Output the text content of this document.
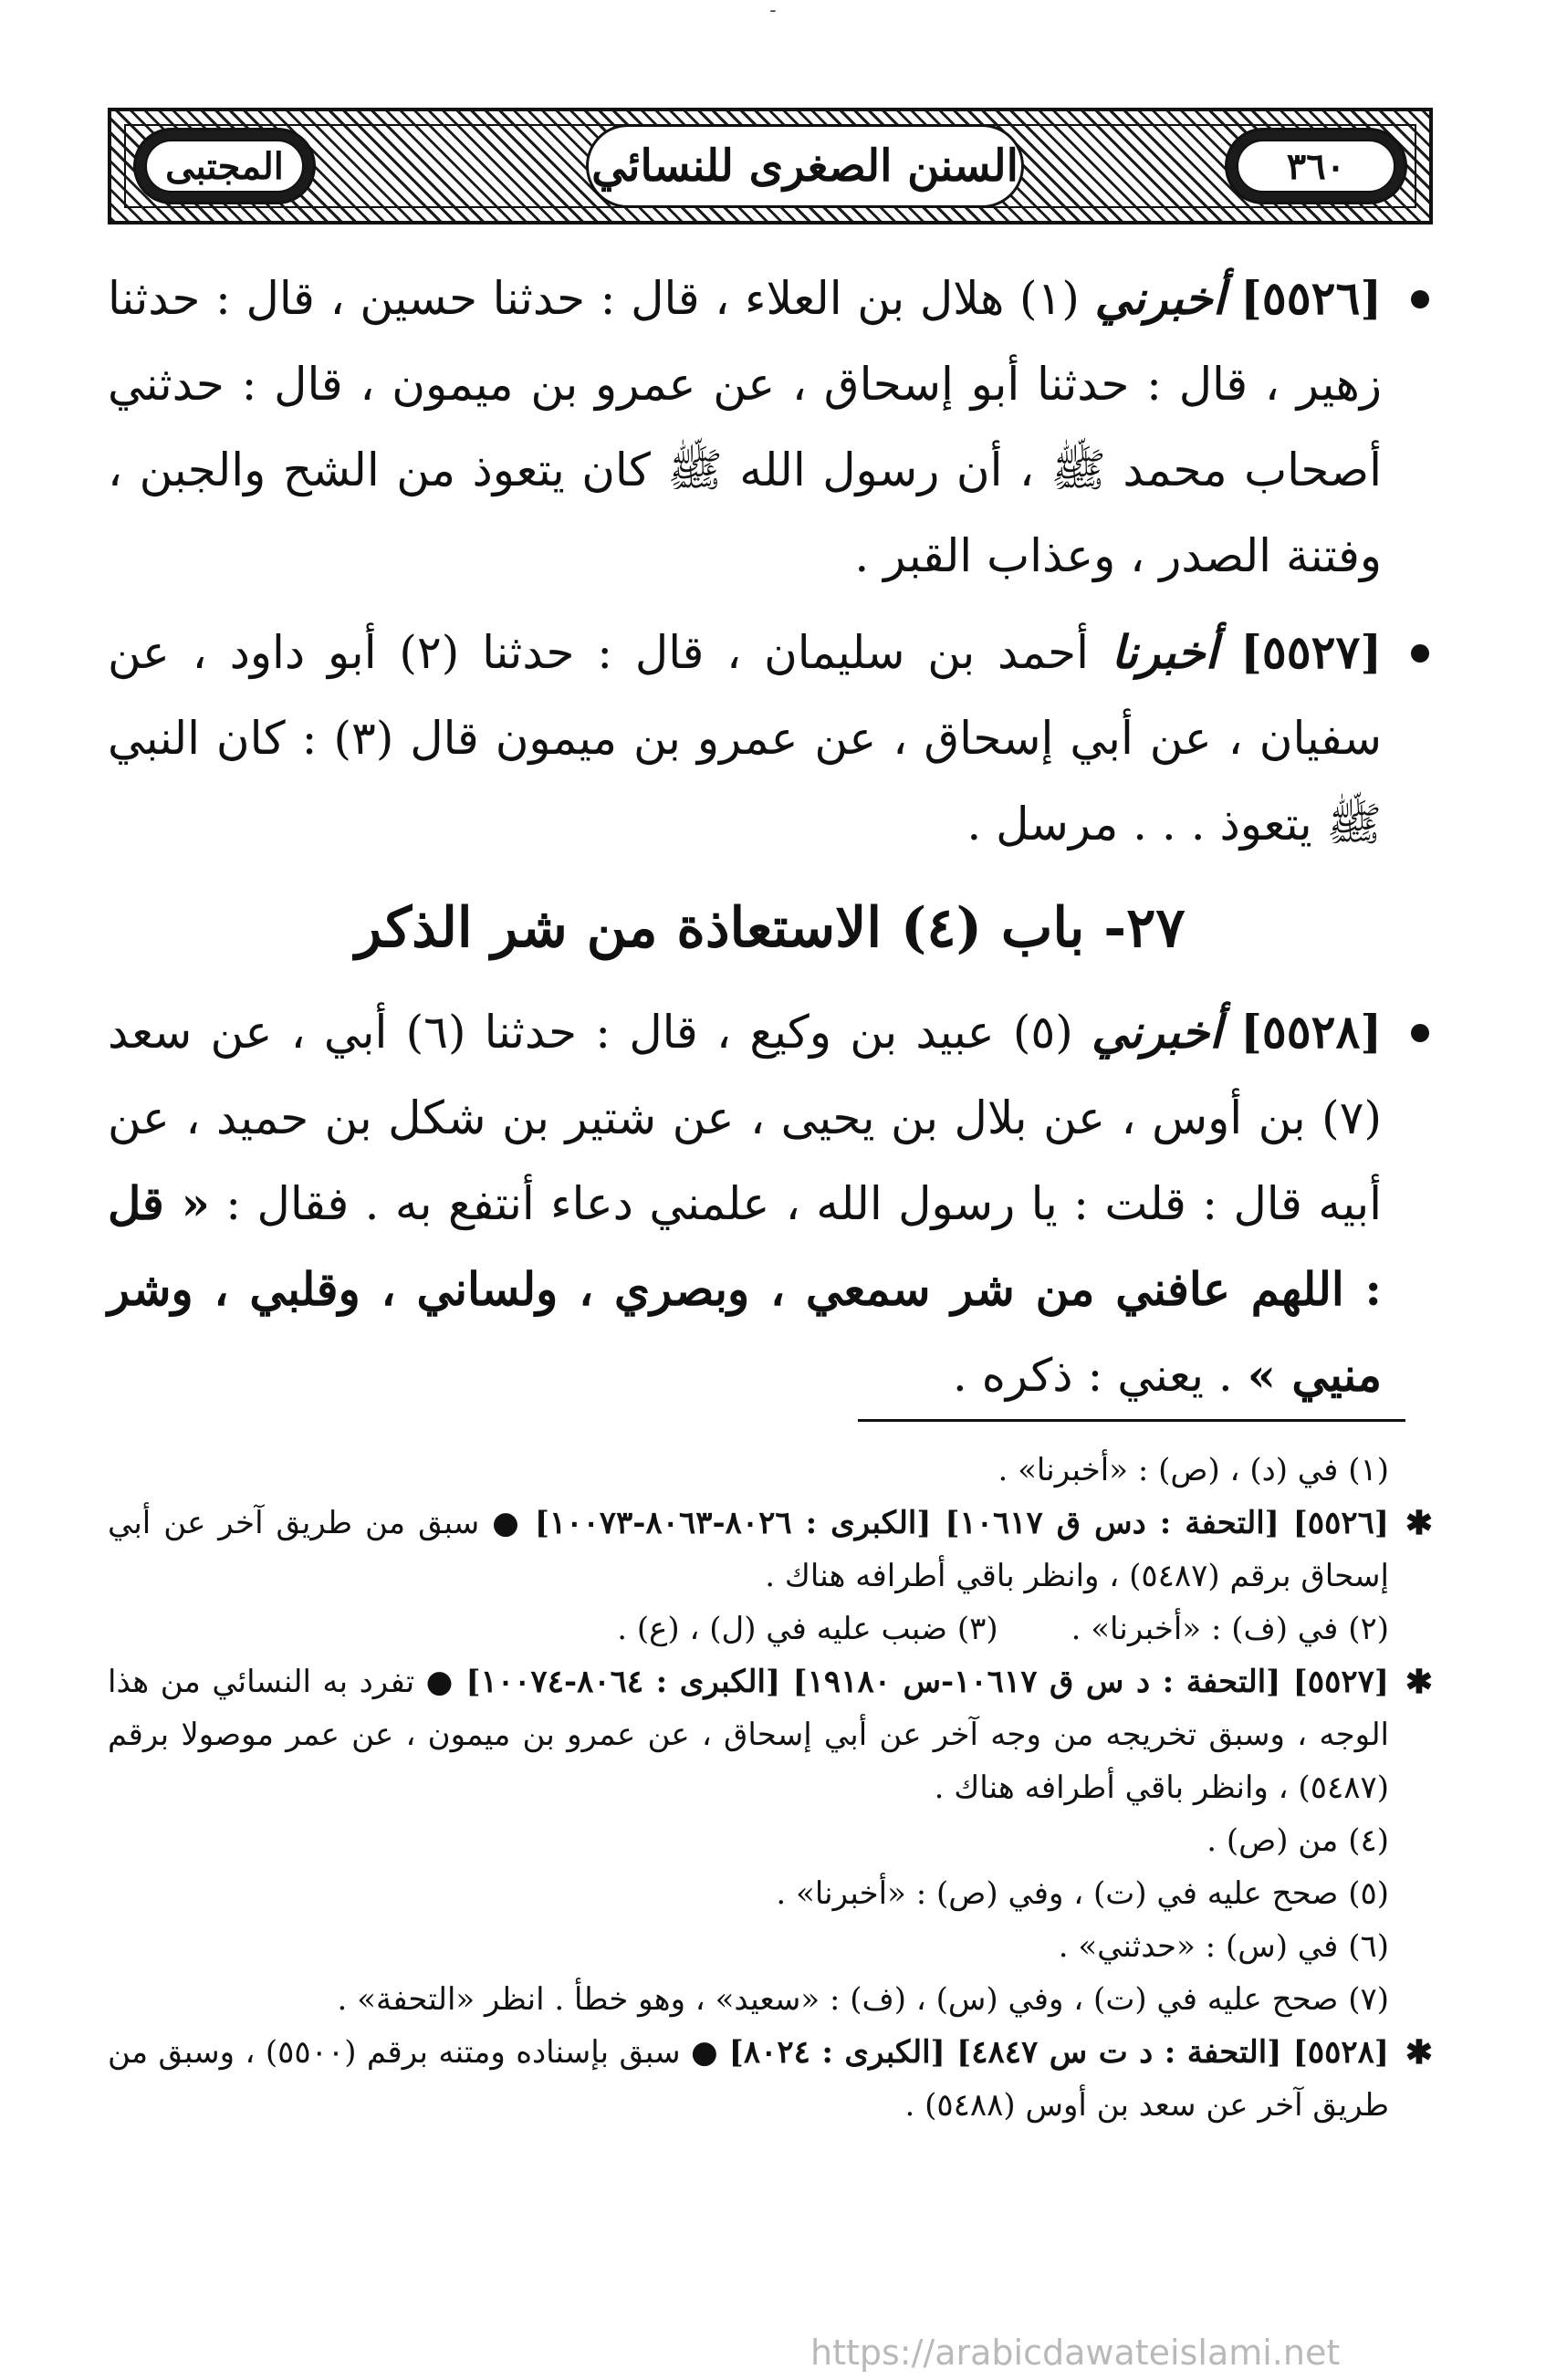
-
المجتبى	السنن الصغرى للنسائي	٣٦٠

[٥٥٢٦] أخبرني (١) هلال بن العلاء ، قال : حدثنا حسين ، قال : حدثنا زهير ، قال : حدثنا أبو إسحاق ، عن عمرو بن ميمون ، قال : حدثني أصحاب محمد ﷺ ، أن رسول الله ﷺ كان يتعوذ من الشح والجبن ، وفتنة الصدر ، وعذاب القبر .

[٥٥٢٧] أخبرنا أحمد بن سليمان ، قال : حدثنا (٢) أبو داود ، عن سفيان ، عن أبي إسحاق ، عن عمرو بن ميمون قال (٣) : كان النبي ﷺ يتعوذ . . . مرسل .

٢٧- باب (٤) الاستعاذة من شر الذكر

[٥٥٢٨] أخبرني (٥) عبيد بن وكيع ، قال : حدثنا (٦) أبي ، عن سعد (٧) بن أوس ، عن بلال بن يحيى ، عن شتير بن شكل بن حميد ، عن أبيه قال : قلت : يا رسول الله ، علمني دعاء أنتفع به . فقال : « قل : اللهم عافني من شر سمعي ، وبصري ، ولساني ، وقلبي ، وشر منيي » . يعني : ذكره .

(١) في (د) ، (ص) : «أخبرنا» .

✱
[٥٥٢٦] [التحفة : دس ق ١٠٦١٧] [الكبرى : ٨٠٢٦-٨٠٦٣-١٠٠٧٣] ● سبق من طريق آخر عن أبي إسحاق برقم (٥٤٨٧) ، وانظر باقي أطرافه هناك .

(٢) في (ف) : «أخبرنا» .
(٣) ضبب عليه في (ل) ، (ع) .

✱
[٥٥٢٧] [التحفة : د س ق ١٠٦١٧-س ١٩١٨٠] [الكبرى : ٨٠٦٤-١٠٠٧٤] ● تفرد به النسائي من هذا الوجه ، وسبق تخريجه من وجه آخر عن أبي إسحاق ، عن عمرو بن ميمون ، عن عمر موصولا برقم (٥٤٨٧) ، وانظر باقي أطرافه هناك .

(٤) من (ص) .

(٥) صحح عليه في (ت) ، وفي (ص) : «أخبرنا» .

(٦) في (س) : «حدثني» .

(٧) صحح عليه في (ت) ، وفي (س) ، (ف) : «سعيد» ، وهو خطأ . انظر «التحفة» .

✱
[٥٥٢٨] [التحفة : د ت س ٤٨٤٧] [الكبرى : ٨٠٢٤] ● سبق بإسناده ومتنه برقم (٥٥٠٠) ، وسبق من طريق آخر عن سعد بن أوس (٥٤٨٨) .

https://arabicdawateislami.net
